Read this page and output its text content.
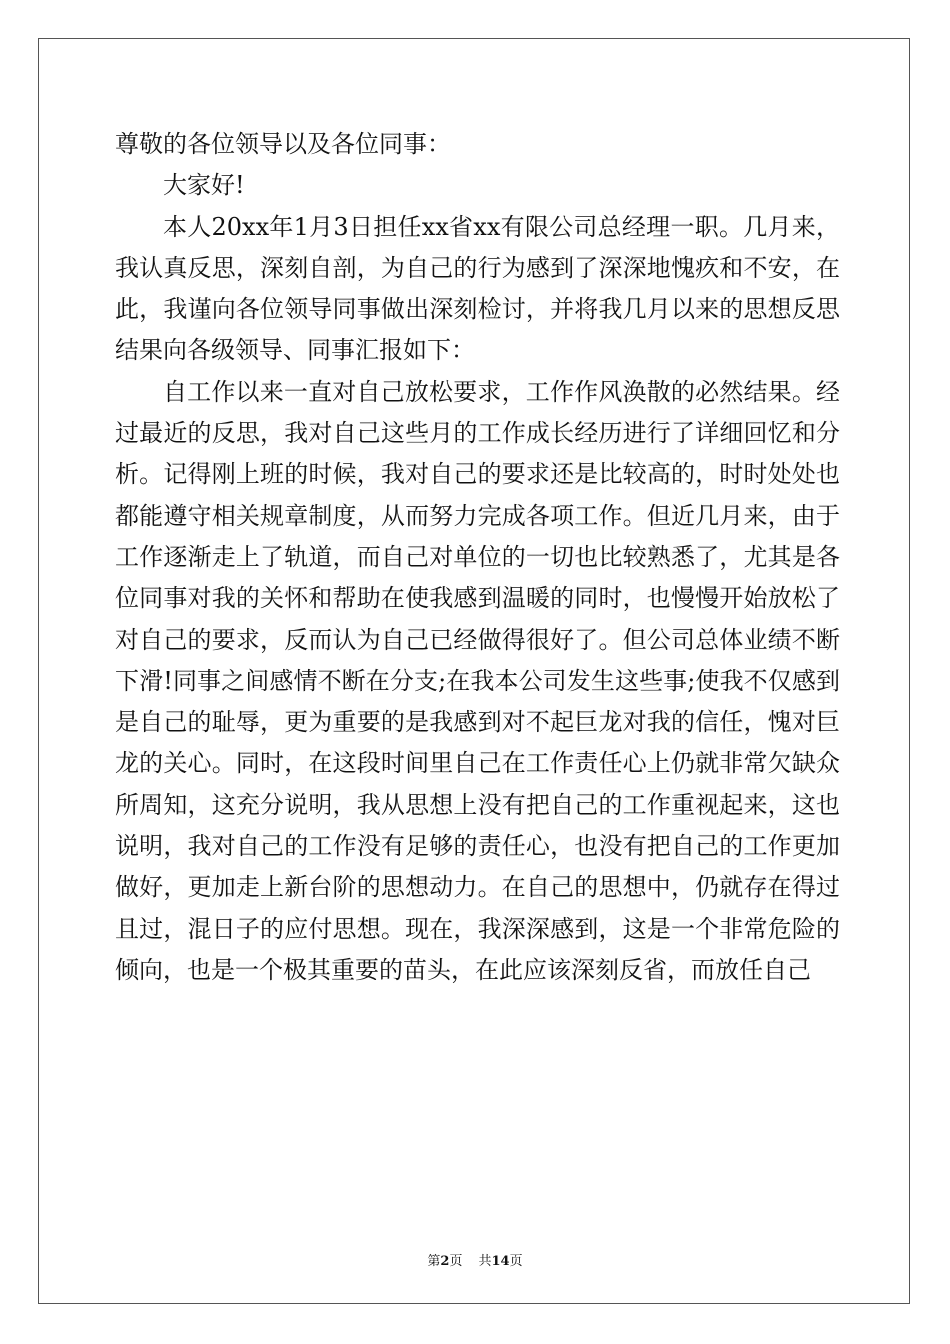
尊敬的各位领导以及各位同事：

大家好!

本人20xx年1月3日担任xx省xx有限公司总经理一职。几月来，我认真反思，深刻自剖，为自己的行为感到了深深地愧疚和不安，在此，我谨向各位领导同事做出深刻检讨，并将我几月以来的思想反思结果向各级领导、同事汇报如下：

自工作以来一直对自己放松要求，工作作风涣散的必然结果。经过最近的反思，我对自己这些月的工作成长经历进行了详细回忆和分析。记得刚上班的时候，我对自己的要求还是比较高的，时时处处也都能遵守相关规章制度，从而努力完成各项工作。但近几月来，由于工作逐渐走上了轨道，而自己对单位的一切也比较熟悉了，尤其是各位同事对我的关怀和帮助在使我感到温暖的同时，也慢慢开始放松了对自己的要求，反而认为自己已经做得很好了。但公司总体业绩不断下滑!同事之间感情不断在分支;在我本公司发生这些事;使我不仅感到是自己的耻辱，更为重要的是我感到对不起巨龙对我的信任，愧对巨龙的关心。同时，在这段时间里自己在工作责任心上仍就非常欠缺众所周知，这充分说明，我从思想上没有把自己的工作重视起来，这也说明，我对自己的工作没有足够的责任心，也没有把自己的工作更加做好，更加走上新台阶的思想动力。在自己的思想中，仍就存在得过且过，混日子的应付思想。现在，我深深感到，这是一个非常危险的倾向，也是一个极其重要的苗头，在此应该深刻反省，而放任自己

第2页 共14页
